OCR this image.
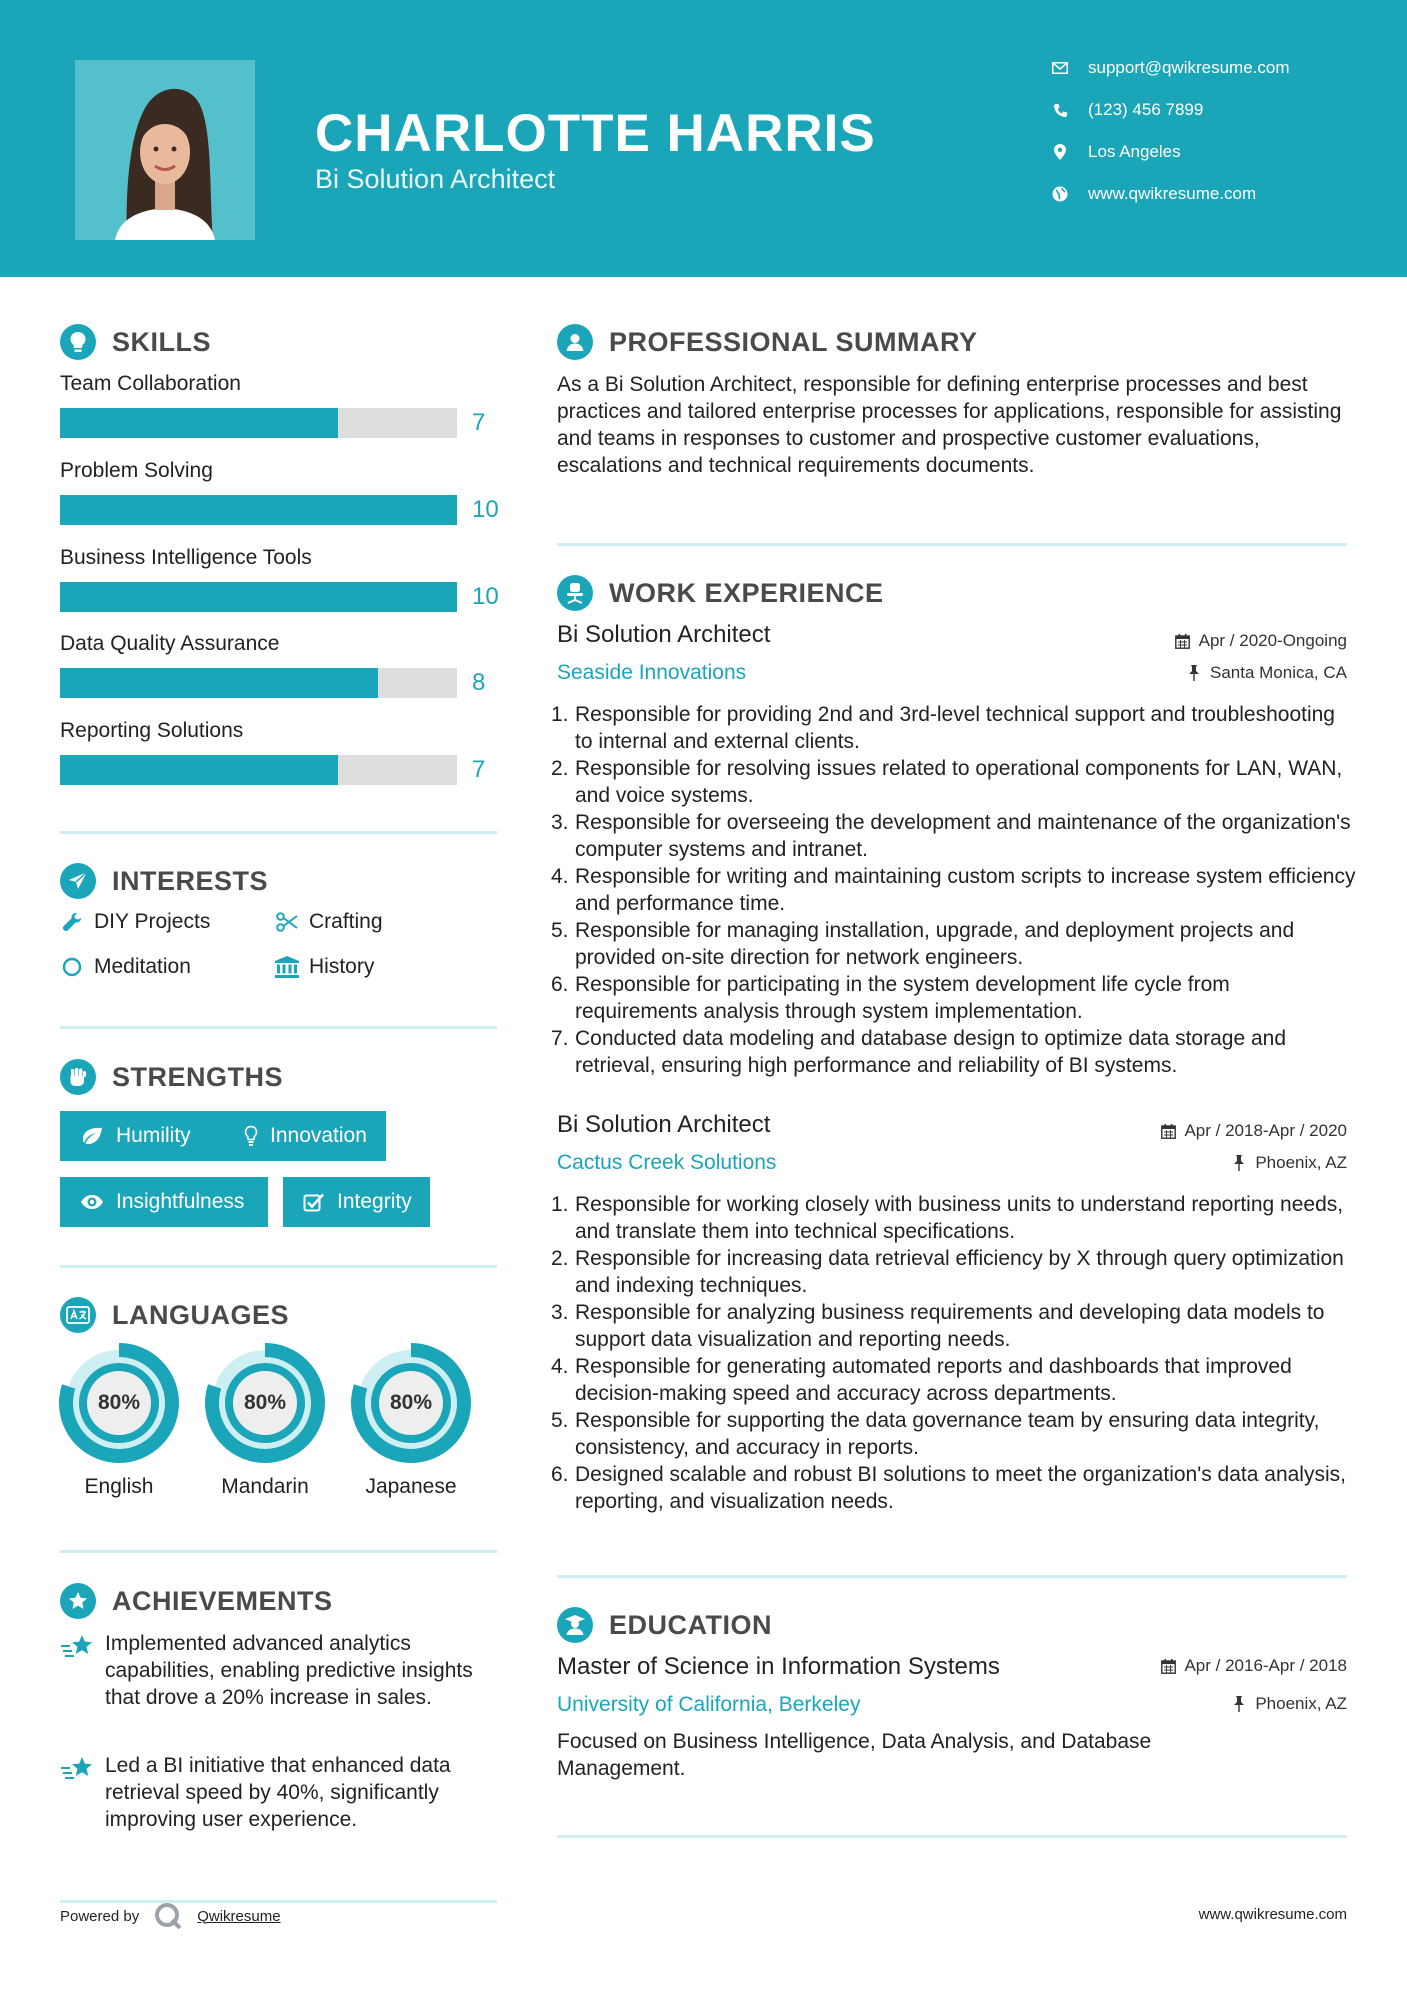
CHARLOTTE HARRIS
Bi Solution Architect
support@qwikresume.com
(123) 456 7899
Los Angeles
www.qwikresume.com
SKILLS
Team Collaboration
7
Problem Solving
10
Business Intelligence Tools
10
Data Quality Assurance
8
Reporting Solutions
7
INTERESTS
DIY Projects	Crafting
Meditation	History
STRENGTHS
Humility	Innovation
Insightfulness	Integrity
LANGUAGES
80%
English
80%
Mandarin
80%
Japanese
ACHIEVEMENTS
Implemented advanced analytics capabilities, enabling predictive insights that drove a 20% increase in sales.
Led a BI initiative that enhanced data retrieval speed by 40%, significantly improving user experience.
PROFESSIONAL SUMMARY
As a Bi Solution Architect, responsible for defining enterprise processes and best practices and tailored enterprise processes for applications, responsible for assisting and teams in responses to customer and prospective customer evaluations, escalations and technical requirements documents.
WORK EXPERIENCE
Bi Solution Architect	Apr / 2020-Ongoing
Seaside Innovations	Santa Monica, CA
1. Responsible for providing 2nd and 3rd-level technical support and troubleshooting to internal and external clients.
2. Responsible for resolving issues related to operational components for LAN, WAN, and voice systems.
3. Responsible for overseeing the development and maintenance of the organization's computer systems and intranet.
4. Responsible for writing and maintaining custom scripts to increase system efficiency and performance time.
5. Responsible for managing installation, upgrade, and deployment projects and provided on-site direction for network engineers.
6. Responsible for participating in the system development life cycle from requirements analysis through system implementation.
7. Conducted data modeling and database design to optimize data storage and retrieval, ensuring high performance and reliability of BI systems.
Bi Solution Architect	Apr / 2018-Apr / 2020
Cactus Creek Solutions	Phoenix, AZ
1. Responsible for working closely with business units to understand reporting needs, and translate them into technical specifications.
2. Responsible for increasing data retrieval efficiency by X through query optimization and indexing techniques.
3. Responsible for analyzing business requirements and developing data models to support data visualization and reporting needs.
4. Responsible for generating automated reports and dashboards that improved decision-making speed and accuracy across departments.
5. Responsible for supporting the data governance team by ensuring data integrity, consistency, and accuracy in reports.
6. Designed scalable and robust BI solutions to meet the organization's data analysis, reporting, and visualization needs.
EDUCATION
Master of Science in Information Systems	Apr / 2016-Apr / 2018
University of California, Berkeley	Phoenix, AZ
Focused on Business Intelligence, Data Analysis, and Database Management.
Powered by	Qwikresume	www.qwikresume.com
